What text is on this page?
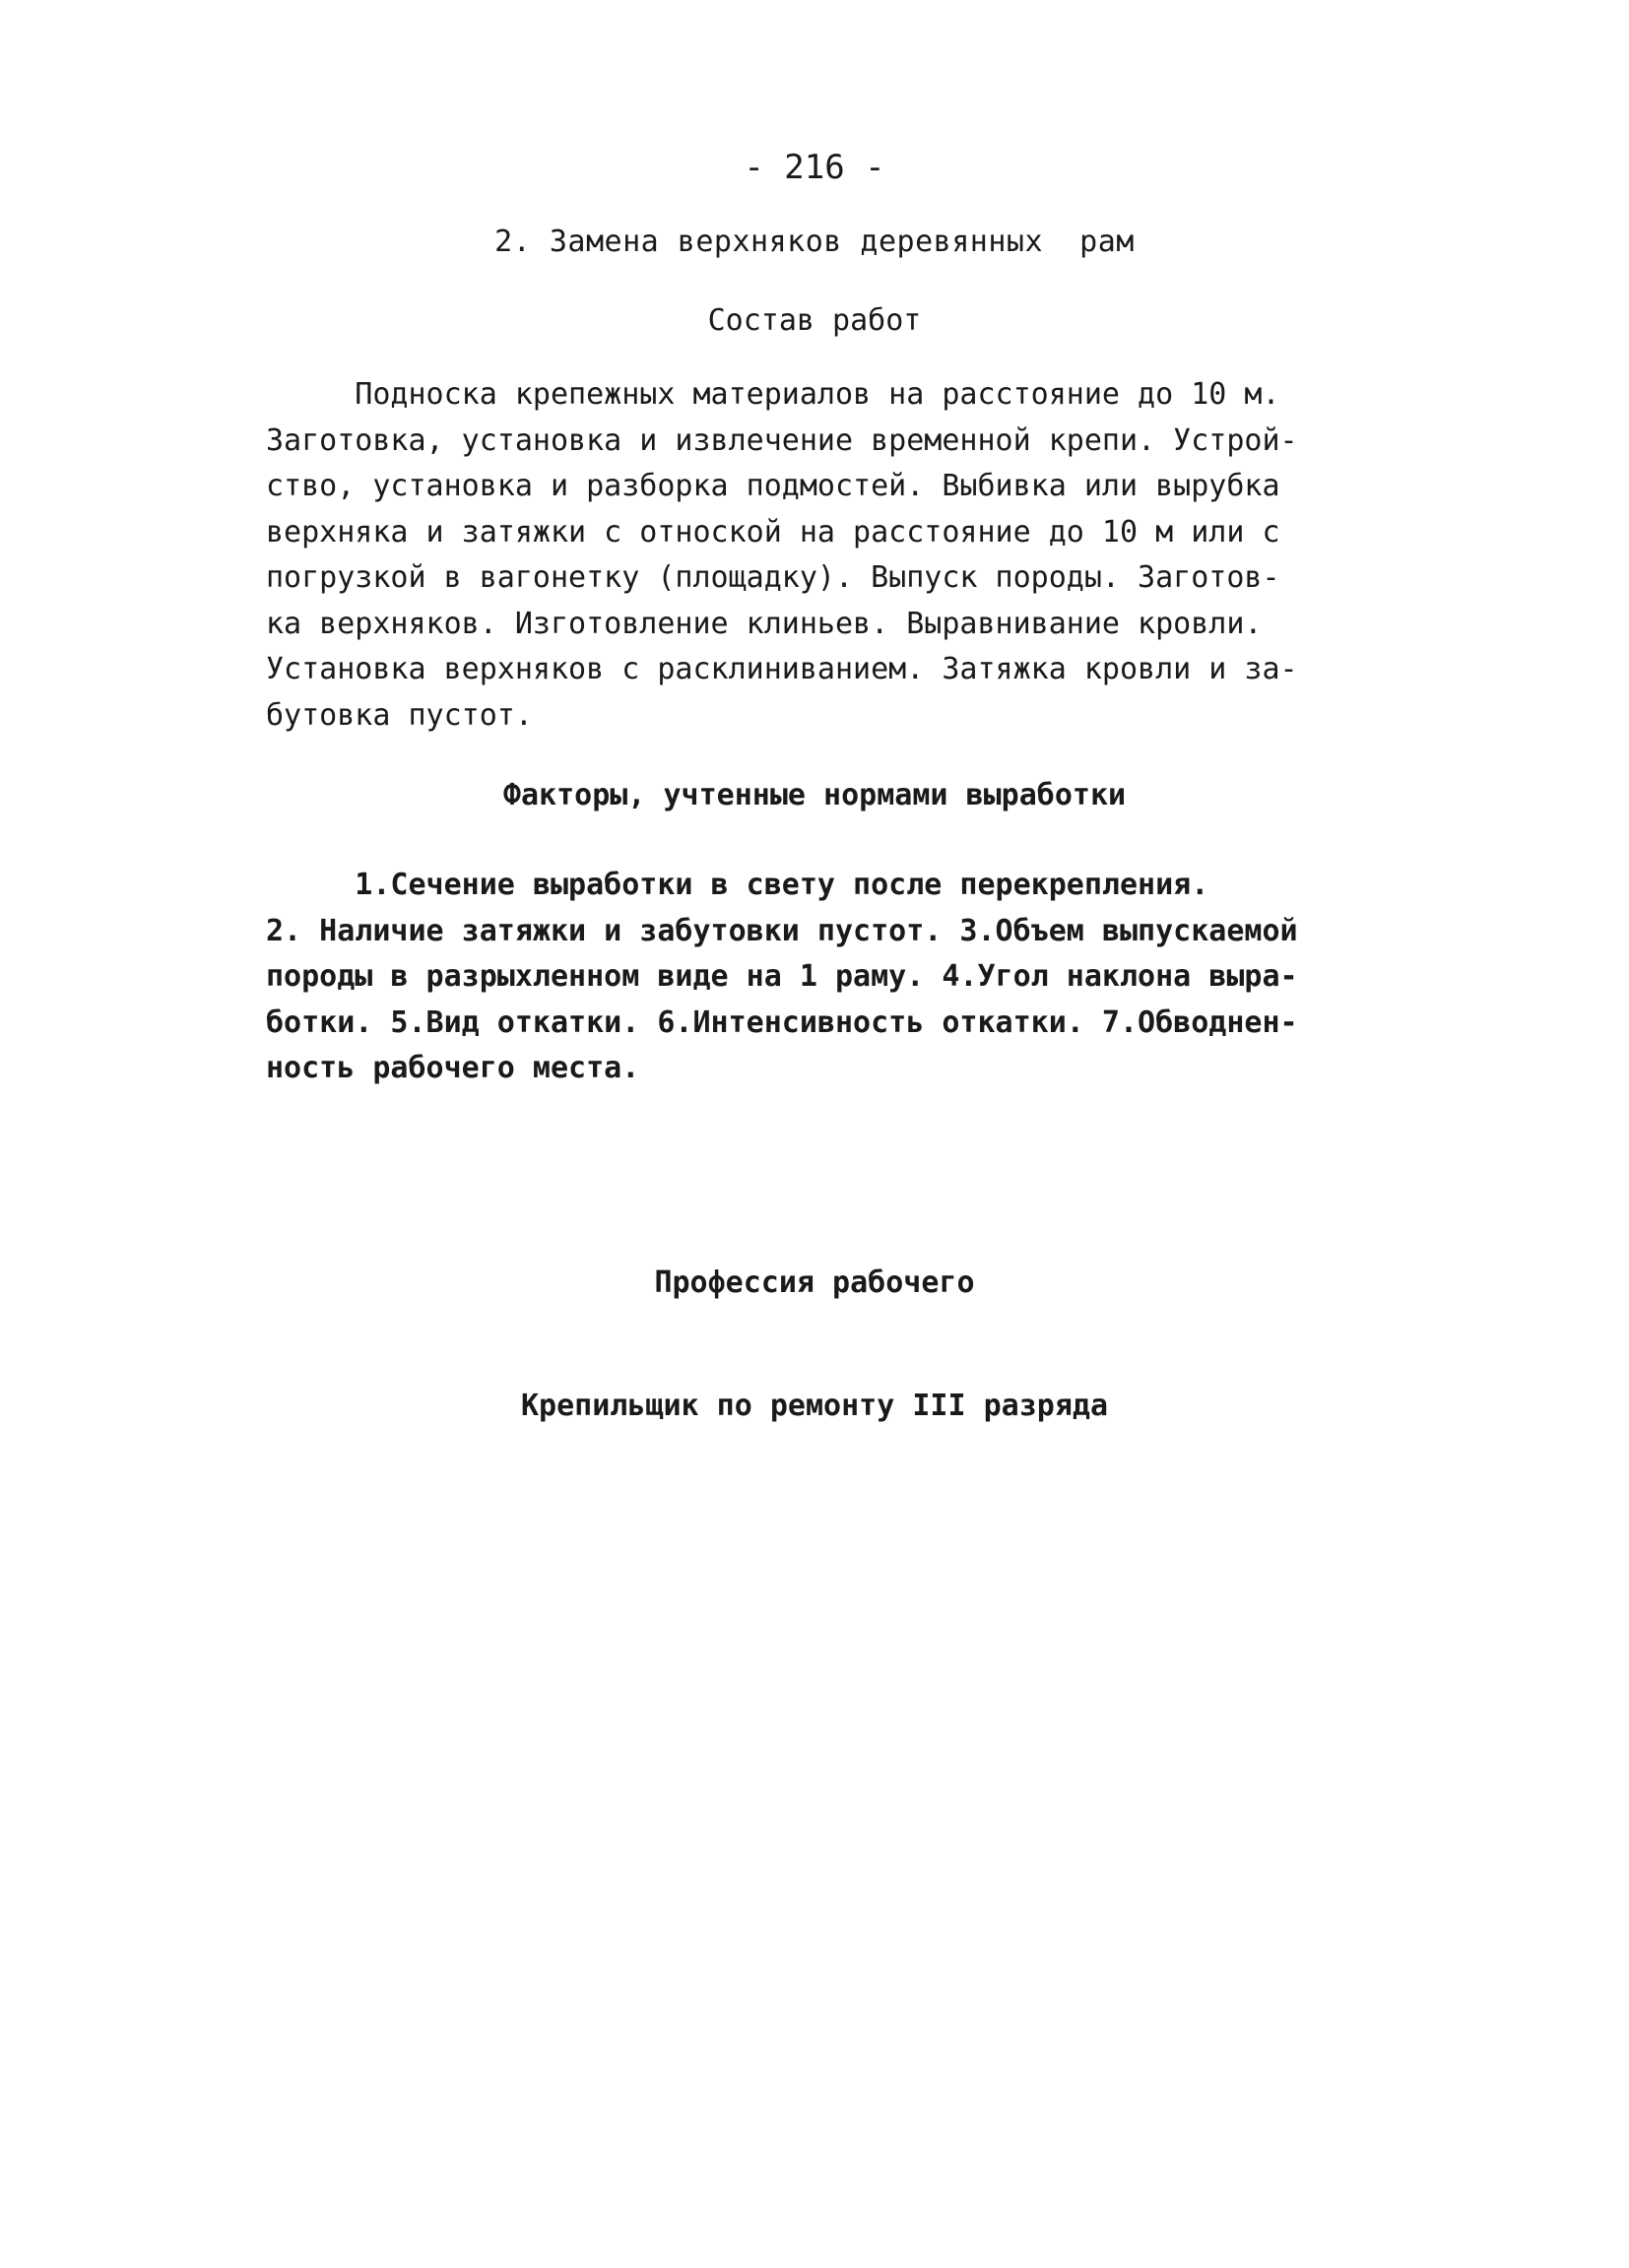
- 216 -
2. Замена верхняков деревянных  рам
Состав работ
Подноска крепежных материалов на расстояние до 10 м.
Заготовка, установка и извлечение временной крепи. Устрой-
ство, установка и разборка подмостей. Выбивка или вырубка
верхняка и затяжки с отноской на расстояние до 10 м или с
погрузкой в вагонетку (площадку). Выпуск породы. Заготов-
ка верхняков. Изготовление клиньев. Выравнивание кровли.
Установка верхняков с расклиниванием. Затяжка кровли и за-
бутовка пустот.
Факторы, учтенные нормами выработки
1.Сечение выработки в свету после перекрепления.
2. Наличие затяжки и забутовки пустот. 3.Объем выпускаемой
породы в разрыхленном виде на 1 раму. 4.Угол наклона выра-
ботки. 5.Вид откатки. 6.Интенсивность откатки. 7.Обводнен-
ность рабочего места.
Профессия рабочего
Крепильщик по ремонту III разряда
